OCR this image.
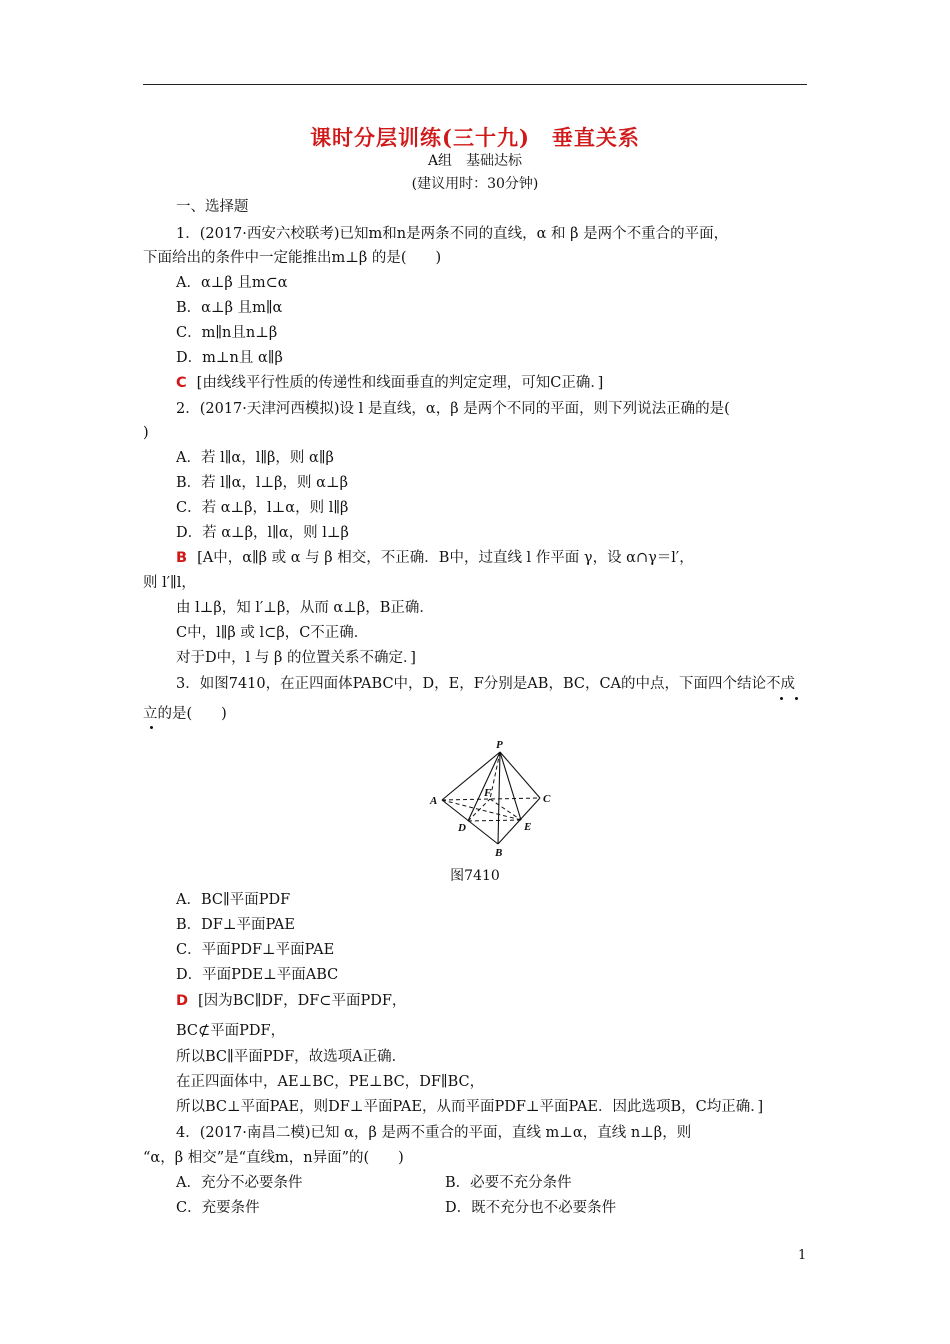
课时分层训练(三十九)　垂直关系
A组　基础达标
(建议用时：30分钟)
一、选择题
1．(2017·西安六校联考)已知m和n是两条不同的直线，α 和 β 是两个不重合的平面，
下面给出的条件中一定能推出m⊥β 的是(　　)
A．α⊥β 且m⊂α
B．α⊥β 且m∥α
C．m∥n且n⊥β
D．m⊥n且 α∥β
C [由线线平行性质的传递性和线面垂直的判定定理，可知C正确．]
2．(2017·天津河西模拟)设 l 是直线，α，β 是两个不同的平面，则下列说法正确的是(
)
A．若 l∥α，l∥β，则 α∥β
B．若 l∥α，l⊥β，则 α⊥β
C．若 α⊥β，l⊥α，则 l∥β
D．若 α⊥β，l∥α，则 l⊥β
B [A中，α∥β 或 α 与 β 相交，不正确．B中，过直线 l 作平面 γ，设 α∩γ＝l′，
则 l′∥l，
由 l⊥β，知 l′⊥β，从而 α⊥β，B正确．
C中，l∥β 或 l⊂β，C不正确．
对于D中，l 与 β 的位置关系不确定．]
3．如图7410，在正四面体PABC中，D，E，F分别是AB，BC，CA的中点，下面四个结论不成
立的是(　　)
P
A	C
B
D	E
F
图7410
A．BC∥平面PDF
B．DF⊥平面PAE
C．平面PDF⊥平面PAE
D．平面PDE⊥平面ABC
D [因为BC∥DF，DF⊂平面PDF，
BC⊄平面PDF，
所以BC∥平面PDF，故选项A正确．
在正四面体中，AE⊥BC，PE⊥BC，DF∥BC，
所以BC⊥平面PAE，则DF⊥平面PAE，从而平面PDF⊥平面PAE．因此选项B，C均正确．]
4．(2017·南昌二模)已知 α，β 是两不重合的平面，直线 m⊥α，直线 n⊥β，则
“α，β 相交”是“直线m，n异面”的(　　)
A．充分不必要条件	B．必要不充分条件
C．充要条件	D．既不充分也不必要条件
1
